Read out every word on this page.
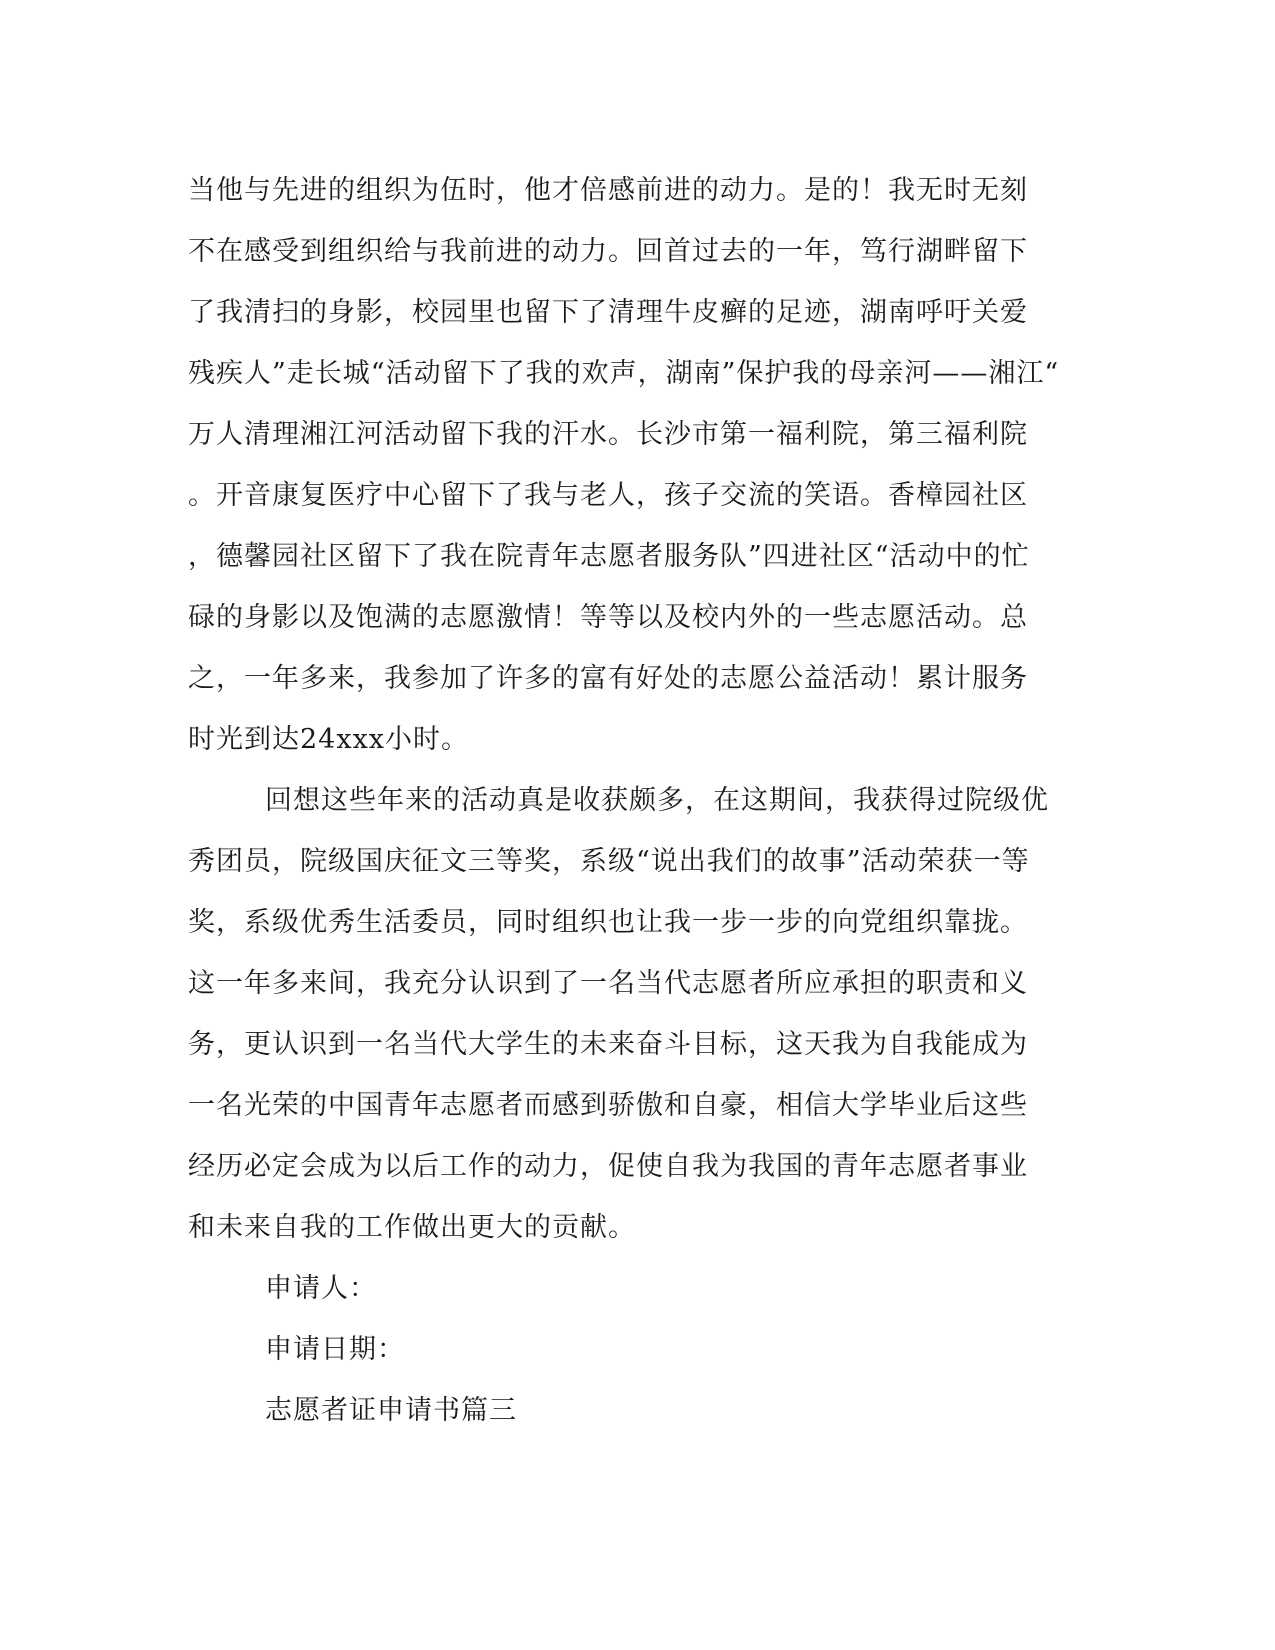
当他与先进的组织为伍时，他才倍感前进的动力。是的！我无时无刻
不在感受到组织给与我前进的动力。回首过去的一年，笃行湖畔留下
了我清扫的身影，校园里也留下了清理牛皮癣的足迹，湖南呼吁关爱
残疾人”走长城“活动留下了我的欢声，湖南”保护我的母亲河——湘江“
万人清理湘江河活动留下我的汗水。长沙市第一福利院，第三福利院
。开音康复医疗中心留下了我与老人，孩子交流的笑语。香樟园社区
，德馨园社区留下了我在院青年志愿者服务队”四进社区“活动中的忙
碌的身影以及饱满的志愿激情！等等以及校内外的一些志愿活动。总
之，一年多来，我参加了许多的富有好处的志愿公益活动！累计服务
时光到达24xxx小时。
回想这些年来的活动真是收获颇多，在这期间，我获得过院级优
秀团员，院级国庆征文三等奖，系级“说出我们的故事”活动荣获一等
奖，系级优秀生活委员，同时组织也让我一步一步的向党组织靠拢。
这一年多来间，我充分认识到了一名当代志愿者所应承担的职责和义
务，更认识到一名当代大学生的未来奋斗目标，这天我为自我能成为
一名光荣的中国青年志愿者而感到骄傲和自豪，相信大学毕业后这些
经历必定会成为以后工作的动力，促使自我为我国的青年志愿者事业
和未来自我的工作做出更大的贡献。
申请人：
申请日期：
志愿者证申请书篇三
